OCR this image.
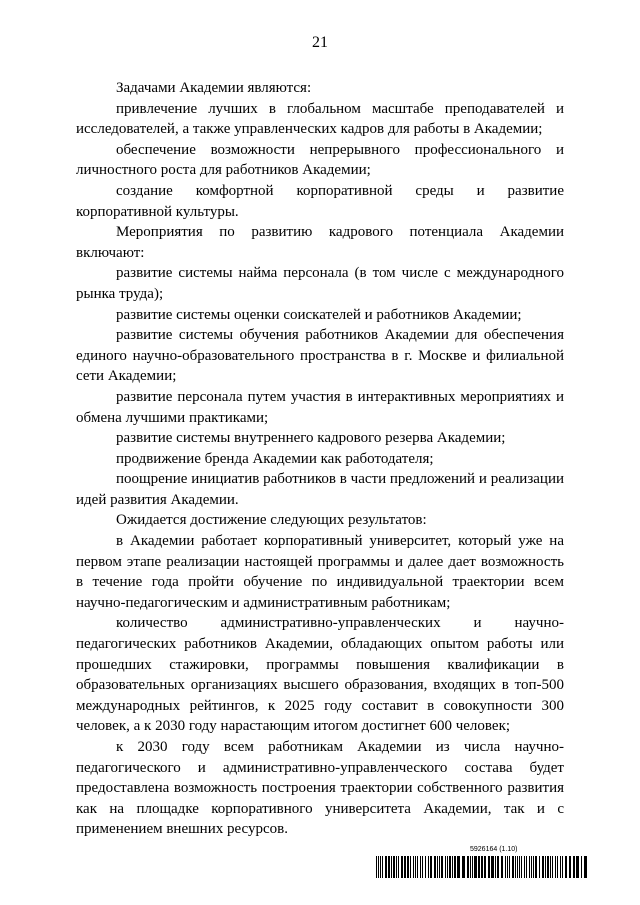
21

Задачами Академии являются:

привлечение лучших в глобальном масштабе преподавателей и исследователей, а также управленческих кадров для работы в Академии;

обеспечение возможности непрерывного профессионального и личностного роста для работников Академии;

создание комфортной корпоративной среды и развитие корпоративной культуры.

Мероприятия по развитию кадрового потенциала Академии включают:

развитие системы найма персонала (в том числе с международного рынка труда);

развитие системы оценки соискателей и работников Академии;

развитие системы обучения работников Академии для обеспечения единого научно-образовательного пространства в г. Москве и филиальной сети Академии;

развитие персонала путем участия в интерактивных мероприятиях и обмена лучшими практиками;

развитие системы внутреннего кадрового резерва Академии;

продвижение бренда Академии как работодателя;

поощрение инициатив работников в части предложений и реализации идей развития Академии.

Ожидается достижение следующих результатов:

в Академии работает корпоративный университет, который уже на первом этапе реализации настоящей программы и далее дает возможность в течение года пройти обучение по индивидуальной траектории всем научно-педагогическим и административным работникам;

количество административно-управленческих и научно-педагогических работников Академии, обладающих опытом работы или прошедших стажировки, программы повышения квалификации в образовательных организациях высшего образования, входящих в топ-500 международных рейтингов, к 2025 году составит в совокупности 300 человек, а к 2030 году нарастающим итогом достигнет 600 человек;

к 2030 году всем работникам Академии из числа научно-педагогического и административно-управленческого состава будет предоставлена возможность построения траектории собственного развития как на площадке корпоративного университета Академии, так и с применением внешних ресурсов.

5926164 (1.10)
